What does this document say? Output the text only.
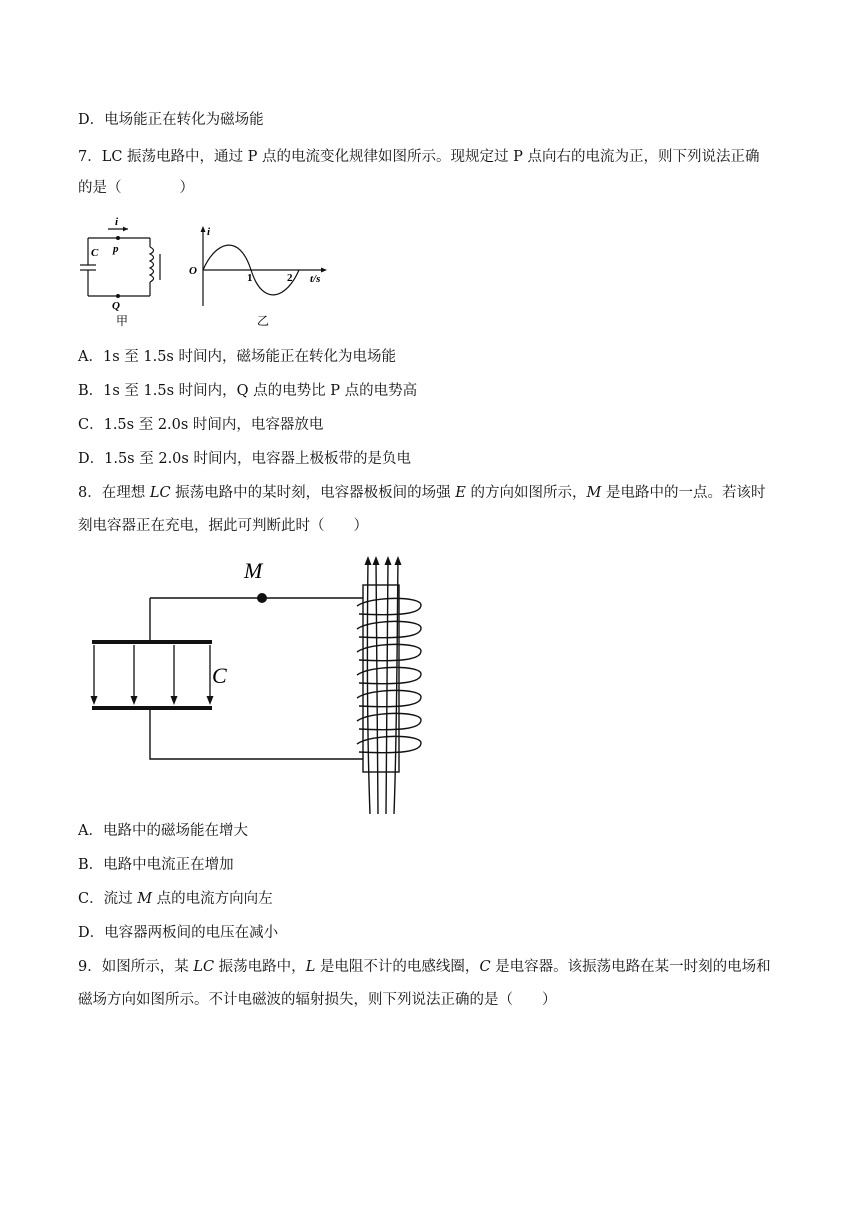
D．电场能正在转化为磁场能
7．LC 振荡电路中，通过 P 点的电流变化规律如图所示。现规定过 P 点向右的电流为正，则下列说法正确
的是（　　　　）
i
p
C
Q
甲
i
O
1	2 t/s
乙
A．1s 至 1.5s 时间内，磁场能正在转化为电场能
B．1s 至 1.5s 时间内，Q 点的电势比 P 点的电势高
C．1.5s 至 2.0s 时间内，电容器放电
D．1.5s 至 2.0s 时间内，电容器上极板带的是负电
8．在理想 LC 振荡电路中的某时刻，电容器极板间的场强 E 的方向如图所示，M 是电路中的一点。若该时
刻电容器正在充电，据此可判断此时（　　）
M
C
A．电路中的磁场能在增大
B．电路中电流正在增加
C．流过 M 点的电流方向向左
D．电容器两板间的电压在减小
9．如图所示，某 LC 振荡电路中，L 是电阻不计的电感线圈，C 是电容器。该振荡电路在某一时刻的电场和
磁场方向如图所示。不计电磁波的辐射损失，则下列说法正确的是（　　）
